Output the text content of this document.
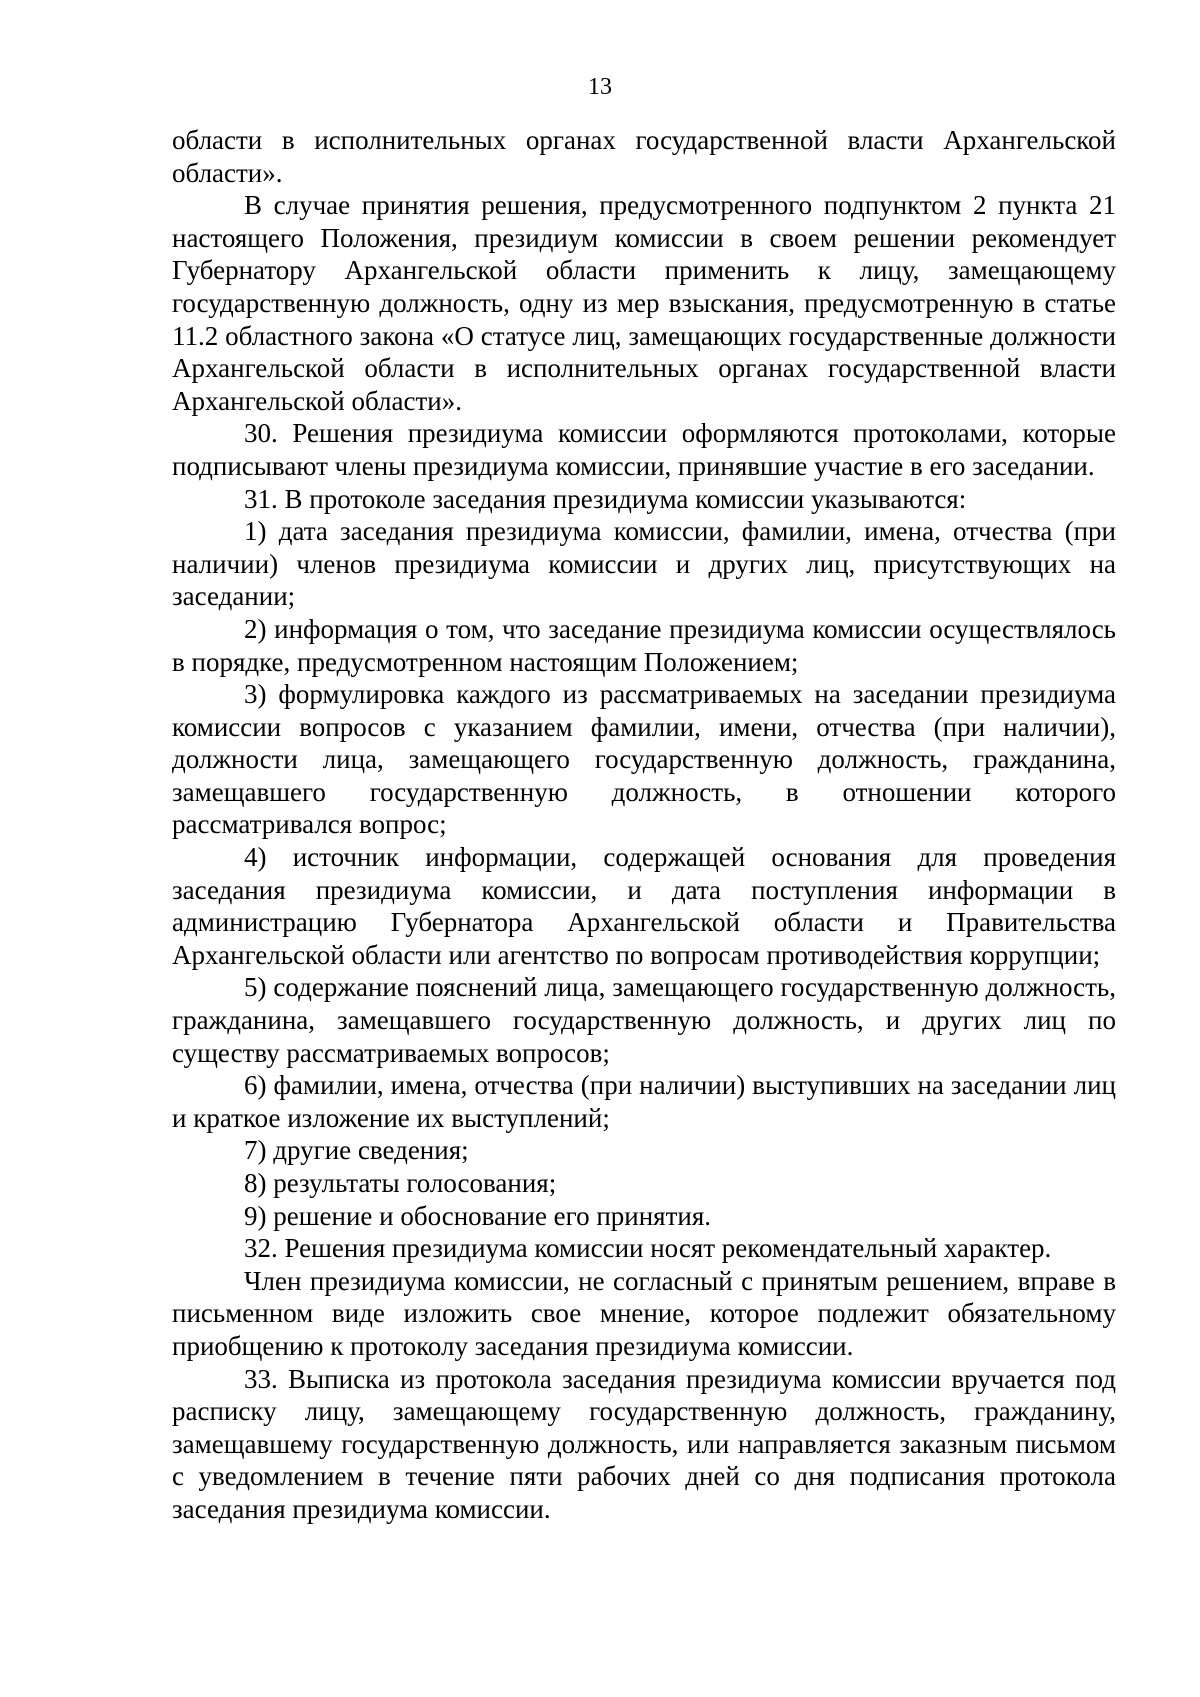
13

области в исполнительных органах государственной власти Архангельской области».

В случае принятия решения, предусмотренного подпунктом 2 пункта 21 настоящего Положения, президиум комиссии в своем решении рекомендует Губернатору Архангельской области применить к лицу, замещающему государственную должность, одну из мер взыскания, предусмотренную в статье 11.2 областного закона «О статусе лиц, замещающих государственные должности Архангельской области в исполнительных органах государственной власти Архангельской области».

30. Решения президиума комиссии оформляются протоколами, которые подписывают члены президиума комиссии, принявшие участие в его заседании.

31. В протоколе заседания президиума комиссии указываются:

1) дата заседания президиума комиссии, фамилии, имена, отчества (при наличии) членов президиума комиссии и других лиц, присутствующих на заседании;

2) информация о том, что заседание президиума комиссии осуществлялось в порядке, предусмотренном настоящим Положением;

3) формулировка каждого из рассматриваемых на заседании президиума комиссии вопросов с указанием фамилии, имени, отчества (при наличии), должности лица, замещающего государственную должность, гражданина, замещавшего государственную должность, в отношении которого рассматривался вопрос;

4) источник информации, содержащей основания для проведения заседания президиума комиссии, и дата поступления информации в администрацию Губернатора Архангельской области и Правительства Архангельской области или агентство по вопросам противодействия коррупции;

5) содержание пояснений лица, замещающего государственную должность, гражданина, замещавшего государственную должность, и других лиц по существу рассматриваемых вопросов;

6) фамилии, имена, отчества (при наличии) выступивших на заседании лиц и краткое изложение их выступлений;

7) другие сведения;

8) результаты голосования;

9) решение и обоснование его принятия.

32. Решения президиума комиссии носят рекомендательный характер.

Член президиума комиссии, не согласный с принятым решением, вправе в письменном виде изложить свое мнение, которое подлежит обязательному приобщению к протоколу заседания президиума комиссии.

33. Выписка из протокола заседания президиума комиссии вручается под расписку лицу, замещающему государственную должность, гражданину, замещавшему государственную должность, или направляется заказным письмом с уведомлением в течение пяти рабочих дней со дня подписания протокола заседания президиума комиссии.
